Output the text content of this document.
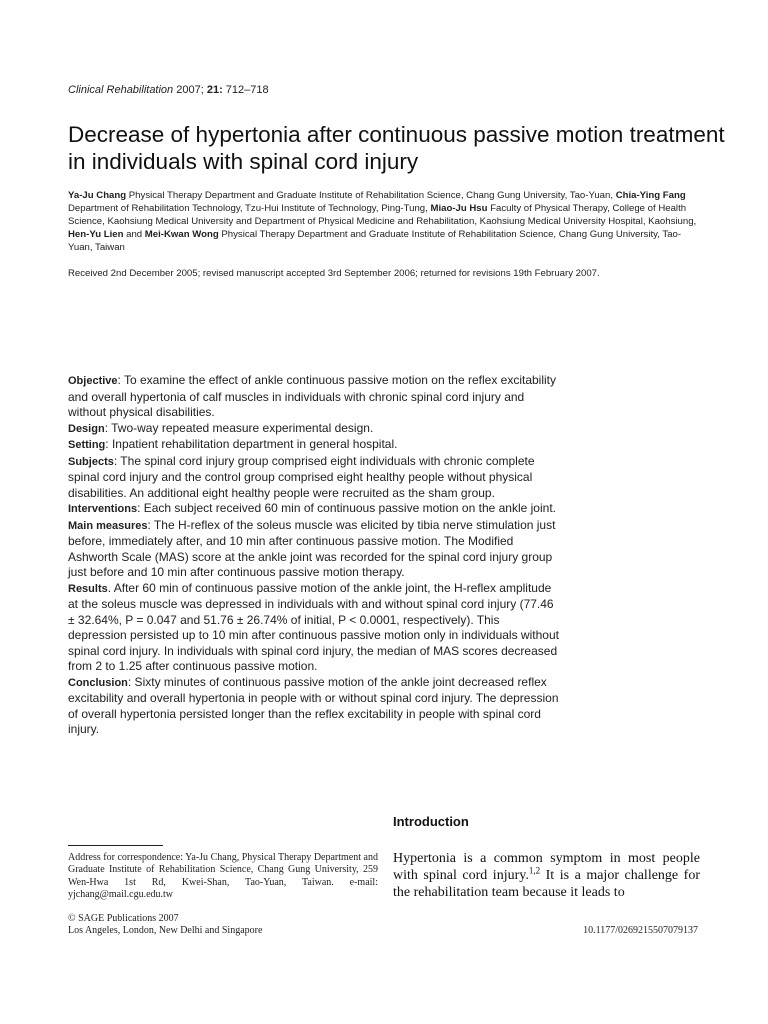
Clinical Rehabilitation 2007; 21: 712–718
Decrease of hypertonia after continuous passive motion treatment in individuals with spinal cord injury

Ya-Ju Chang Physical Therapy Department and Graduate Institute of Rehabilitation Science, Chang Gung University, Tao-Yuan, Chia-Ying Fang Department of Rehabilitation Technology, Tzu-Hui Institute of Technology, Ping-Tung, Miao-Ju Hsu Faculty of Physical Therapy, College of Health Science, Kaohsiung Medical University and Department of Physical Medicine and Rehabilitation, Kaohsiung Medical University Hospital, Kaohsiung, Hen-Yu Lien and Mei-Kwan Wong Physical Therapy Department and Graduate Institute of Rehabilitation Science, Chang Gung University, Tao-Yuan, Taiwan

Received 2nd December 2005; revised manuscript accepted 3rd September 2006; returned for revisions 19th February 2007.

Objective: To examine the effect of ankle continuous passive motion on the reflex excitability and overall hypertonia of calf muscles in individuals with chronic spinal cord injury and without physical disabilities.

Design: Two-way repeated measure experimental design.

Setting: Inpatient rehabilitation department in general hospital.

Subjects: The spinal cord injury group comprised eight individuals with chronic complete spinal cord injury and the control group comprised eight healthy people without physical disabilities. An additional eight healthy people were recruited as the sham group.

Interventions: Each subject received 60 min of continuous passive motion on the ankle joint.

Main measures: The H-reflex of the soleus muscle was elicited by tibia nerve stimulation just before, immediately after, and 10 min after continuous passive motion. The Modified Ashworth Scale (MAS) score at the ankle joint was recorded for the spinal cord injury group just before and 10 min after continuous passive motion therapy.

Results. After 60 min of continuous passive motion of the ankle joint, the H-reflex amplitude at the soleus muscle was depressed in individuals with and without spinal cord injury (77.46 ± 32.64%, P = 0.047 and 51.76 ± 26.74% of initial, P < 0.0001, respectively). This depression persisted up to 10 min after continuous passive motion only in individuals without spinal cord injury. In individuals with spinal cord injury, the median of MAS scores decreased from 2 to 1.25 after continuous passive motion.

Conclusion: Sixty minutes of continuous passive motion of the ankle joint decreased reflex excitability and overall hypertonia in people with or without spinal cord injury. The depression of overall hypertonia persisted longer than the reflex excitability in people with spinal cord injury.

Introduction

Hypertonia is a common symptom in most people with spinal cord injury.$^{1,2}$ It is a major challenge for the rehabilitation team because it leads to

Address for correspondence: Ya-Ju Chang, Physical Therapy Department and Graduate Institute of Rehabilitation Science, Chang Gung University, 259 Wen-Hwa 1st Rd, Kwei-Shan, Tao-Yuan, Taiwan. e-mail: yjchang@mail.cgu.edu.tw

© SAGE Publications 2007
Los Angeles, London, New Delhi and Singapore	10.1177/0269215507079137
